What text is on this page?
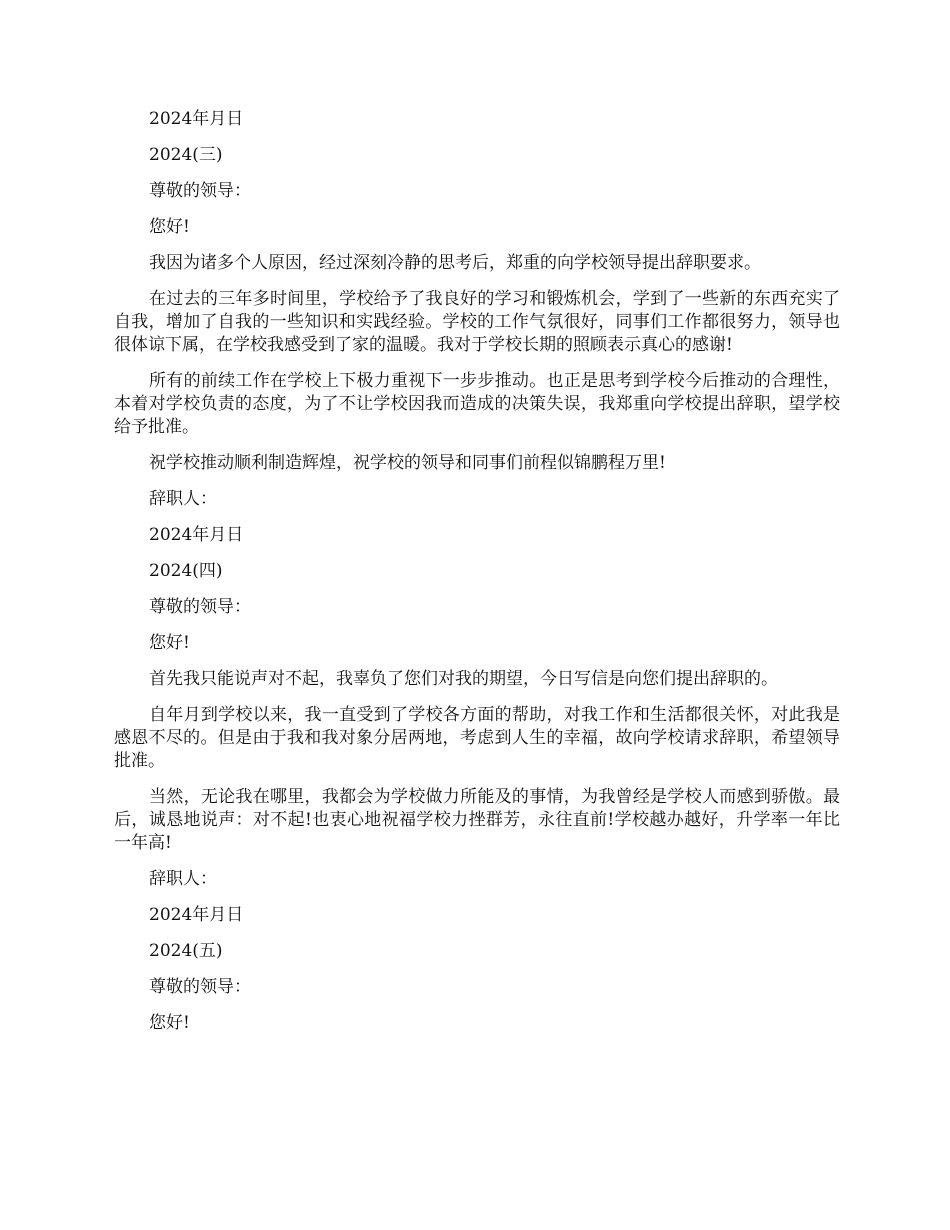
2024年月日

2024(三)

尊敬的领导：

您好!

我因为诸多个人原因，经过深刻冷静的思考后，郑重的向学校领导提出辞职要求。

在过去的三年多时间里，学校给予了我良好的学习和锻炼机会，学到了一些新的东西充实了自我，增加了自我的一些知识和实践经验。学校的工作气氛很好，同事们工作都很努力，领导也很体谅下属，在学校我感受到了家的温暖。我对于学校长期的照顾表示真心的感谢!

所有的前续工作在学校上下极力重视下一步步推动。也正是思考到学校今后推动的合理性，本着对学校负责的态度，为了不让学校因我而造成的决策失误，我郑重向学校提出辞职，望学校给予批准。

祝学校推动顺利制造辉煌，祝学校的领导和同事们前程似锦鹏程万里!

辞职人：

2024年月日

2024(四)

尊敬的领导：

您好!

首先我只能说声对不起，我辜负了您们对我的期望，今日写信是向您们提出辞职的。

自年月到学校以来，我一直受到了学校各方面的帮助，对我工作和生活都很关怀，对此我是感恩不尽的。但是由于我和我对象分居两地，考虑到人生的幸福，故向学校请求辞职，希望领导批准。

当然，无论我在哪里，我都会为学校做力所能及的事情，为我曾经是学校人而感到骄傲。最后，诚恳地说声：对不起!也衷心地祝福学校力挫群芳，永往直前!学校越办越好，升学率一年比一年高!

辞职人：

2024年月日

2024(五)

尊敬的领导：

您好!
